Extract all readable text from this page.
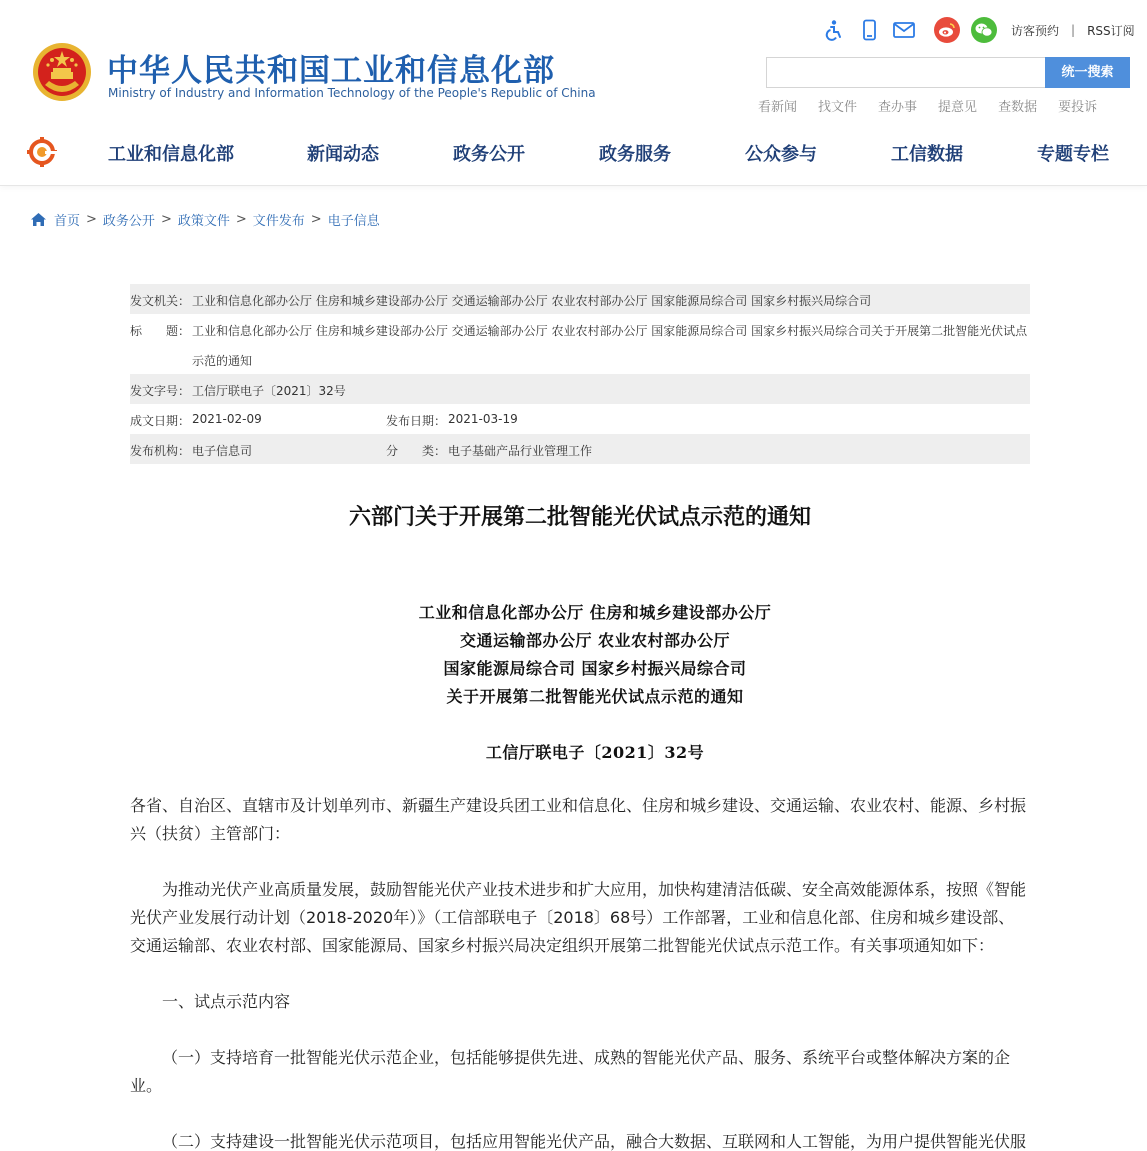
中华人民共和国工业和信息化部
Ministry of Industry and Information Technology of the People's Republic of China
访客预约 | RSS订阅
统一搜索
看新闻 找文件 查办事 提意见 查数据 要投诉
工业和信息化部	新闻动态	政务公开	政务服务	公众参与	工信数据	专题专栏
首页 > 政务公开 > 政策文件 > 文件发布 > 电子信息
发文机关： 工业和信息化部办公厅 住房和城乡建设部办公厅 交通运输部办公厅 农业农村部办公厅 国家能源局综合司 国家乡村振兴局综合司
标　　题： 工业和信息化部办公厅 住房和城乡建设部办公厅 交通运输部办公厅 农业农村部办公厅 国家能源局综合司 国家乡村振兴局综合司关于开展第二批智能光伏试点
示范的通知
发文字号： 工信厅联电子〔2021〕32号
成文日期： 2021-02-09	发布日期： 2021-03-19
发布机构： 电子信息司	分　　类： 电子基础产品行业管理工作
六部门关于开展第二批智能光伏试点示范的通知
工业和信息化部办公厅 住房和城乡建设部办公厅
交通运输部办公厅 农业农村部办公厅
国家能源局综合司 国家乡村振兴局综合司
关于开展第二批智能光伏试点示范的通知
工信厅联电子〔2021〕32号
各省、自治区、直辖市及计划单列市、新疆生产建设兵团工业和信息化、住房和城乡建设、交通运输、农业农村、能源、乡村振兴（扶贫）主管部门：
为推动光伏产业高质量发展，鼓励智能光伏产业技术进步和扩大应用，加快构建清洁低碳、安全高效能源体系，按照《智能光伏产业发展行动计划（2018-2020年）》（工信部联电子〔2018〕68号）工作部署，工业和信息化部、住房和城乡建设部、交通运输部、农业农村部、国家能源局、国家乡村振兴局决定组织开展第二批智能光伏试点示范工作。有关事项通知如下：
一、试点示范内容
（一）支持培育一批智能光伏示范企业，包括能够提供先进、成熟的智能光伏产品、服务、系统平台或整体解决方案的企业。
（二）支持建设一批智能光伏示范项目，包括应用智能光伏产品，融合大数据、互联网和人工智能，为用户提供智能光伏服
